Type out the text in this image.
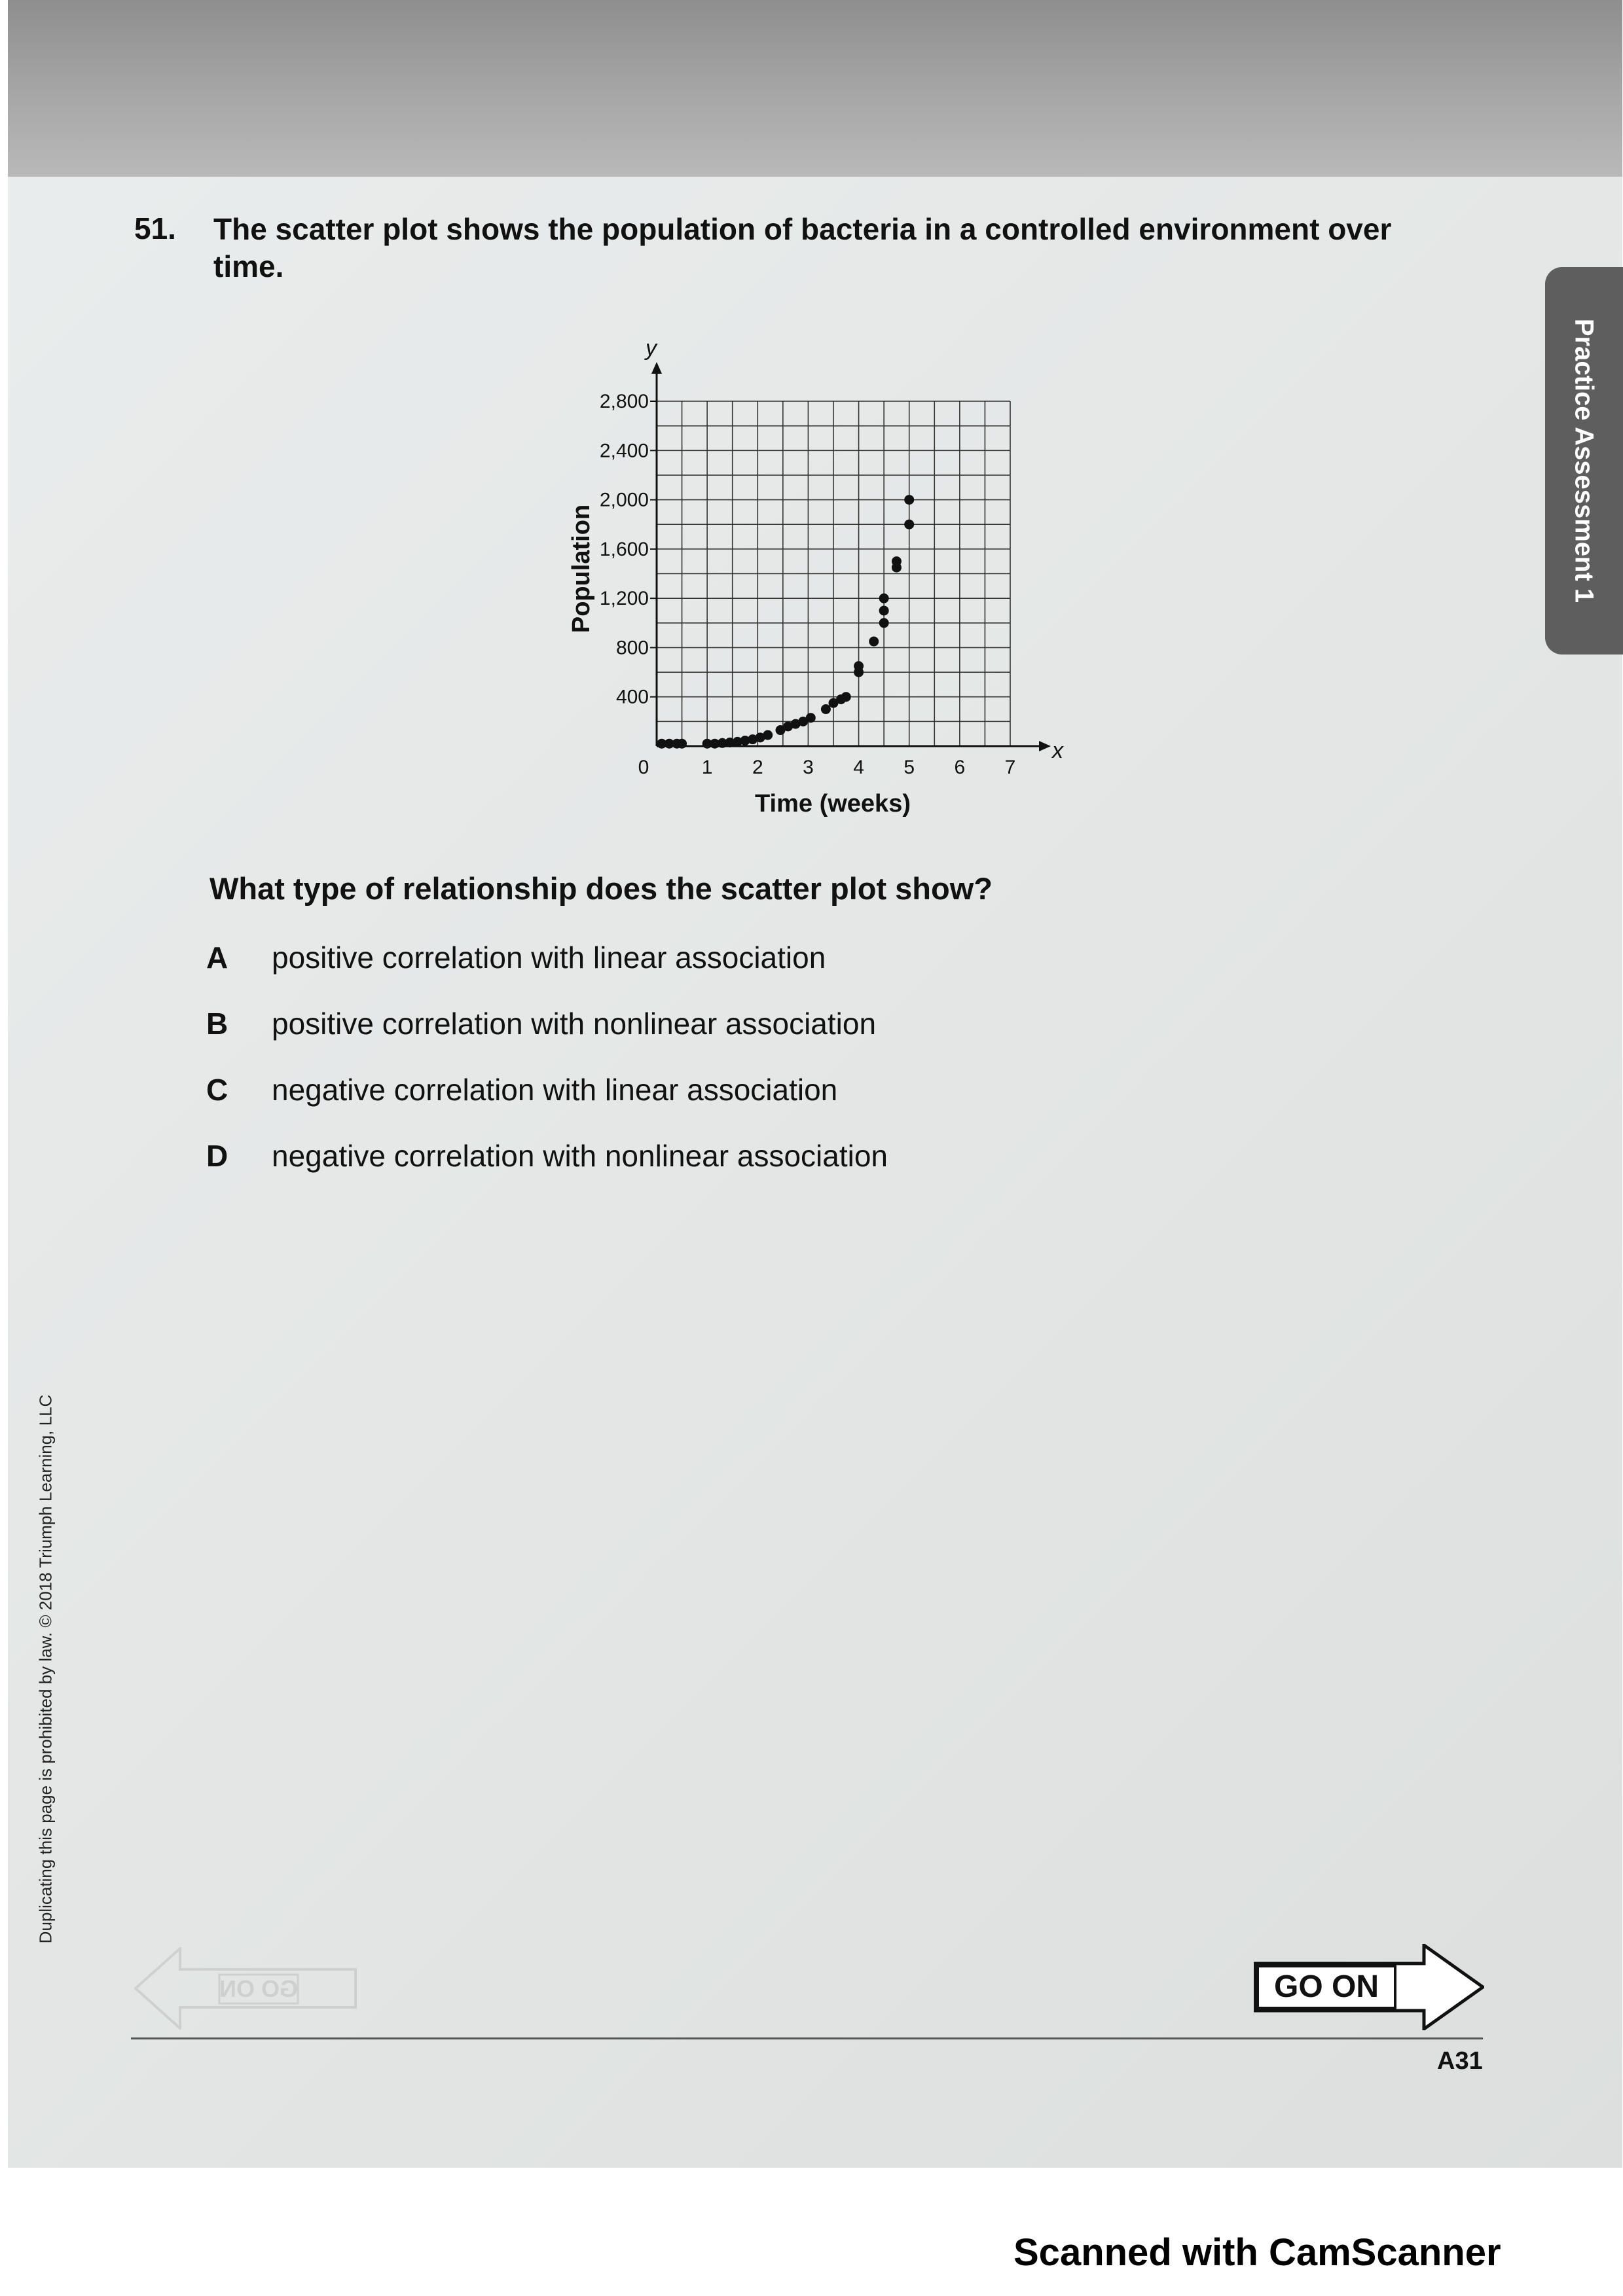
51. The scatter plot shows the population of bacteria in a controlled environment over time.
Practice Assessment 1
400
800
1,200
1,600
2,000
2,400
2,800
0	1 2 3 4 5 6 7
Time (weeks)
Population
x
y
What type of relationship does the scatter plot show?
A positive correlation with linear association
B positive correlation with nonlinear association
C negative correlation with linear association
D negative correlation with nonlinear association
Duplicating this page is prohibited by law. © 2018 Triumph Learning, LLC
GO ON	GO ON
A31
Scanned with CamScanner
